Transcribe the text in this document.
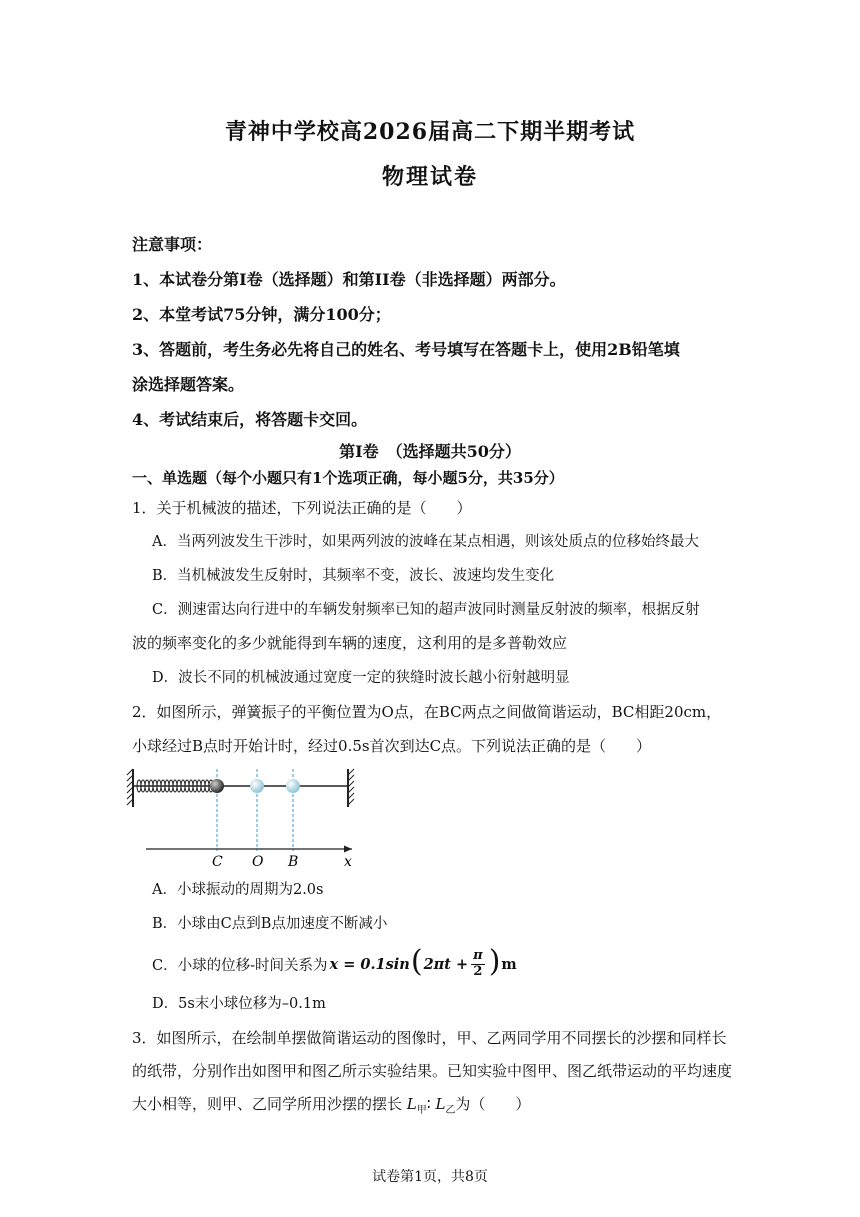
青神中学校高2026届高二下期半期考试
物理试卷
注意事项：
1、本试卷分第I卷（选择题）和第II卷（非选择题）两部分。
2、本堂考试75分钟，满分100分；
3、答题前，考生务必先将自己的姓名、考号填写在答题卡上，使用2B铅笔填
涂选择题答案。
4、考试结束后，将答题卡交回。
第I卷　（选择题共50分）
一、单选题（每个小题只有1个选项正确，每小题5分，共35分）
1．关于机械波的描述，下列说法正确的是（　　）
A．当两列波发生干涉时，如果两列波的波峰在某点相遇，则该处质点的位移始终最大
B．当机械波发生反射时，其频率不变，波长、波速均发生变化
C．测速雷达向行进中的车辆发射频率已知的超声波同时测量反射波的频率，根据反射
波的频率变化的多少就能得到车辆的速度，这利用的是多普勒效应
D．波长不同的机械波通过宽度一定的狭缝时波长越小衍射越明显
2．如图所示，弹簧振子的平衡位置为O点，在BC两点之间做简谐运动，BC相距20cm，
小球经过B点时开始计时，经过0.5s首次到达C点。下列说法正确的是（　　）
C O B	x
A．小球振动的周期为2.0s
B．小球由C点到B点加速度不断减小
C．小球的位移-时间关系为 x = 0.1sin ( $2\pi t + \frac{\pi}{2}$ ) m
D．5s末小球位移为–0.1m
3．如图所示，在绘制单摆做简谐运动的图像时，甲、乙两同学用不同摆长的沙摆和同样长
的纸带，分别作出如图甲和图乙所示实验结果。已知实验中图甲、图乙纸带运动的平均速度
大小相等，则甲、乙同学所用沙摆的摆长 $L_甲∶$ $L_乙$为（　　）
试卷第1页，共8页
